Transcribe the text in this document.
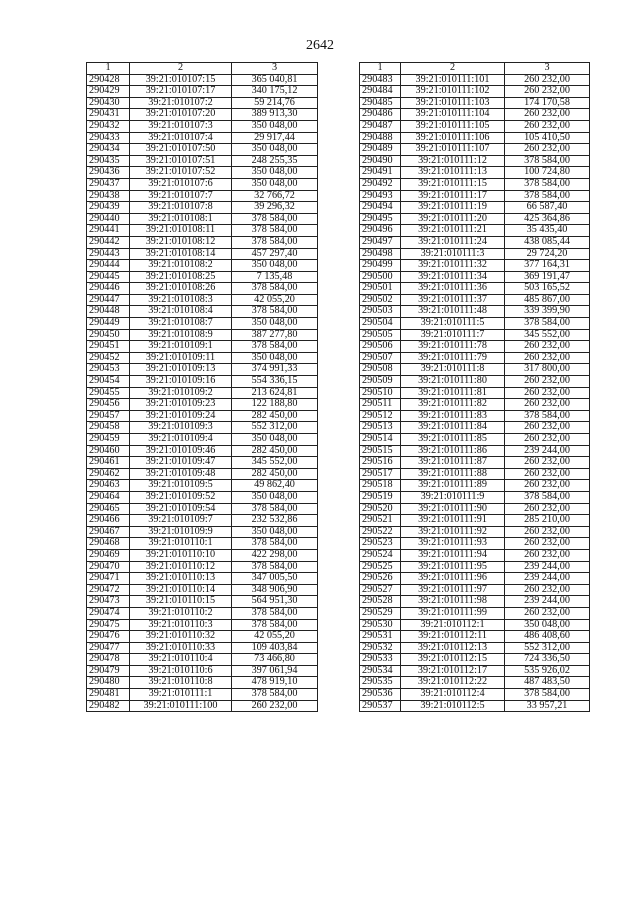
2642
1	2	3
290428	39:21:010107:15	365 040,81
290429	39:21:010107:17	340 175,12
290430	39:21:010107:2	59 214,76
290431	39:21:010107:20	389 913,30
290432	39:21:010107:3	350 048,00
290433	39:21:010107:4	29 917,44
290434	39:21:010107:50	350 048,00
290435	39:21:010107:51	248 255,35
290436	39:21:010107:52	350 048,00
290437	39:21:010107:6	350 048,00
290438	39:21:010107:7	32 766,72
290439	39:21:010107:8	39 296,32
290440	39:21:010108:1	378 584,00
290441	39:21:010108:11	378 584,00
290442	39:21:010108:12	378 584,00
290443	39:21:010108:14	457 297,40
290444	39:21:010108:2	350 048,00
290445	39:21:010108:25	7 135,48
290446	39:21:010108:26	378 584,00
290447	39:21:010108:3	42 055,20
290448	39:21:010108:4	378 584,00
290449	39:21:010108:7	350 048,00
290450	39:21:010108:9	387 277,80
290451	39:21:010109:1	378 584,00
290452	39:21:010109:11	350 048,00
290453	39:21:010109:13	374 991,33
290454	39:21:010109:16	554 336,15
290455	39:21:010109:2	213 624,81
290456	39:21:010109:23	122 188,80
290457	39:21:010109:24	282 450,00
290458	39:21:010109:3	552 312,00
290459	39:21:010109:4	350 048,00
290460	39:21:010109:46	282 450,00
290461	39:21:010109:47	345 552,00
290462	39:21:010109:48	282 450,00
290463	39:21:010109:5	49 862,40
290464	39:21:010109:52	350 048,00
290465	39:21:010109:54	378 584,00
290466	39:21:010109:7	232 532,86
290467	39:21:010109:9	350 048,00
290468	39:21:010110:1	378 584,00
290469	39:21:010110:10	422 298,00
290470	39:21:010110:12	378 584,00
290471	39:21:010110:13	347 005,50
290472	39:21:010110:14	348 906,90
290473	39:21:010110:15	564 951,30
290474	39:21:010110:2	378 584,00
290475	39:21:010110:3	378 584,00
290476	39:21:010110:32	42 055,20
290477	39:21:010110:33	109 403,84
290478	39:21:010110:4	73 466,80
290479	39:21:010110:6	397 061,94
290480	39:21:010110:8	478 919,10
290481	39:21:010111:1	378 584,00
290482	39:21:010111:100	260 232,00
1	2	3
290483	39:21:010111:101	260 232,00
290484	39:21:010111:102	260 232,00
290485	39:21:010111:103	174 170,58
290486	39:21:010111:104	260 232,00
290487	39:21:010111:105	260 232,00
290488	39:21:010111:106	105 410,50
290489	39:21:010111:107	260 232,00
290490	39:21:010111:12	378 584,00
290491	39:21:010111:13	100 724,80
290492	39:21:010111:15	378 584,00
290493	39:21:010111:17	378 584,00
290494	39:21:010111:19	66 587,40
290495	39:21:010111:20	425 364,86
290496	39:21:010111:21	35 435,40
290497	39:21:010111:24	438 085,44
290498	39:21:010111:3	29 724,20
290499	39:21:010111:32	377 164,31
290500	39:21:010111:34	369 191,47
290501	39:21:010111:36	503 165,52
290502	39:21:010111:37	485 867,00
290503	39:21:010111:48	339 399,90
290504	39:21:010111:5	378 584,00
290505	39:21:010111:7	345 552,00
290506	39:21:010111:78	260 232,00
290507	39:21:010111:79	260 232,00
290508	39:21:010111:8	317 800,00
290509	39:21:010111:80	260 232,00
290510	39:21:010111:81	260 232,00
290511	39:21:010111:82	260 232,00
290512	39:21:010111:83	378 584,00
290513	39:21:010111:84	260 232,00
290514	39:21:010111:85	260 232,00
290515	39:21:010111:86	239 244,00
290516	39:21:010111:87	260 232,00
290517	39:21:010111:88	260 232,00
290518	39:21:010111:89	260 232,00
290519	39:21:010111:9	378 584,00
290520	39:21:010111:90	260 232,00
290521	39:21:010111:91	285 210,00
290522	39:21:010111:92	260 232,00
290523	39:21:010111:93	260 232,00
290524	39:21:010111:94	260 232,00
290525	39:21:010111:95	239 244,00
290526	39:21:010111:96	239 244,00
290527	39:21:010111:97	260 232,00
290528	39:21:010111:98	239 244,00
290529	39:21:010111:99	260 232,00
290530	39:21:010112:1	350 048,00
290531	39:21:010112:11	486 408,60
290532	39:21:010112:13	552 312,00
290533	39:21:010112:15	724 336,50
290534	39:21:010112:17	535 926,02
290535	39:21:010112:22	487 483,50
290536	39:21:010112:4	378 584,00
290537	39:21:010112:5	33 957,21
